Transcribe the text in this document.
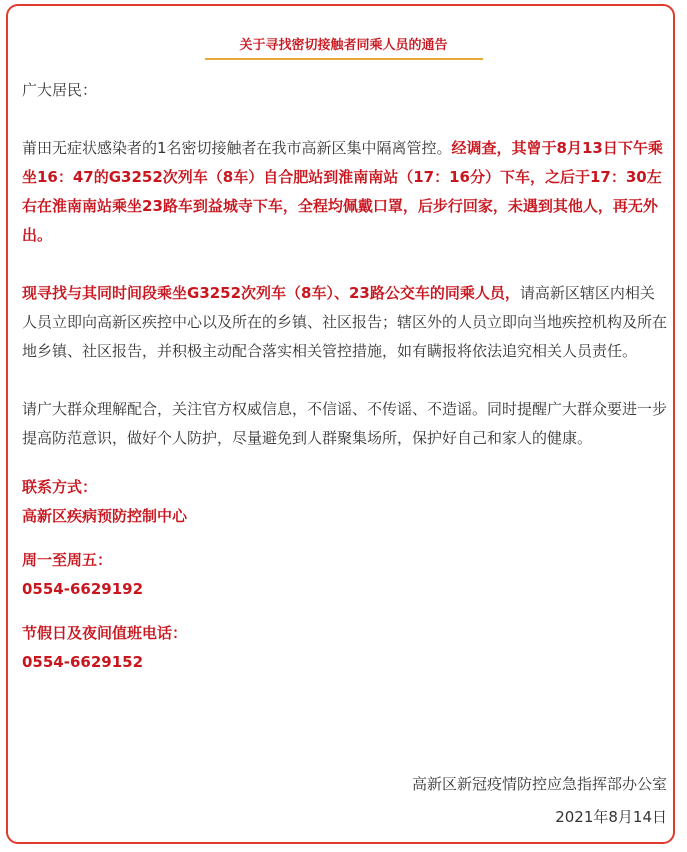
关于寻找密切接触者同乘人员的通告

广大居民：

莆田无症状感染者的1名密切接触者在我市高新区集中隔离管控。经调查，其曾于8月13日下午乘坐16：47的G3252次列车（8车）自合肥站到淮南南站（17：16分）下车，之后于17：30左右在淮南南站乘坐23路车到益城寺下车，全程均佩戴口罩，后步行回家，未遇到其他人，再无外出。

现寻找与其同时间段乘坐G3252次列车（8车）、23路公交车的同乘人员，请高新区辖区内相关人员立即向高新区疾控中心以及所在的乡镇、社区报告；辖区外的人员立即向当地疾控机构及所在地乡镇、社区报告，并积极主动配合落实相关管控措施，如有瞒报将依法追究相关人员责任。

请广大群众理解配合，关注官方权威信息，不信谣、不传谣、不造谣。同时提醒广大群众要进一步提高防范意识，做好个人防护，尽量避免到人群聚集场所，保护好自己和家人的健康。

联系方式：

高新区疾病预防控制中心

周一至周五：

0554-6629192

节假日及夜间值班电话：

0554-6629152

高新区新冠疫情防控应急指挥部办公室
2021年8月14日
